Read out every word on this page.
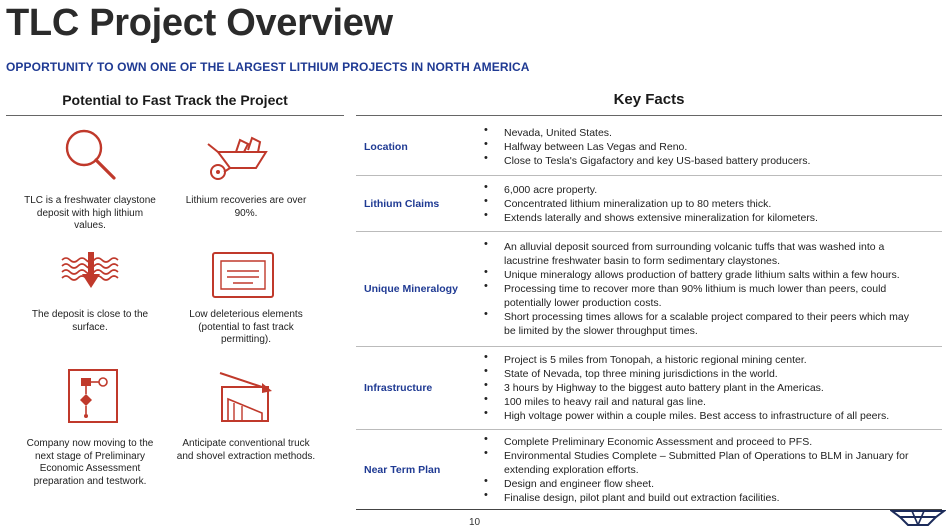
TLC Project Overview
OPPORTUNITY TO OWN ONE OF THE LARGEST LITHIUM PROJECTS IN NORTH AMERICA
Potential to Fast Track the Project	Key Facts
TLC is a freshwater claystone deposit with high lithium values.
Lithium recoveries are over 90%.
The deposit is close to the surface.
Low deleterious elements (potential to fast track permitting).
Company now moving to the next stage of Preliminary Economic Assessment preparation and testwork.
Anticipate conventional truck and shovel extraction methods.
Location
• Nevada, United States.
• Halfway between Las Vegas and Reno.
• Close to Tesla's Gigafactory and key US-based battery producers.
Lithium Claims
• 6,000 acre property.
• Concentrated lithium mineralization up to 80 meters thick.
• Extends laterally and shows extensive mineralization for kilometers.
Unique Mineralogy
• An alluvial deposit sourced from surrounding volcanic tuffs that was washed into a lacustrine freshwater basin to form sedimentary claystones.
• Unique mineralogy allows production of battery grade lithium salts within a few hours.
• Processing time to recover more than 90% lithium is much lower than peers, could potentially lower production costs.
• Short processing times allows for a scalable project compared to their peers which may be limited by the slower throughput times.
Infrastructure
• Project is 5 miles from Tonopah, a historic regional mining center.
• State of Nevada, top three mining jurisdictions in the world.
• 3 hours by Highway to the biggest auto battery plant in the Americas.
• 100 miles to heavy rail and natural gas line.
• High voltage power within a couple miles. Best access to infrastructure of all peers.
Near Term Plan
• Complete Preliminary Economic Assessment and proceed to PFS.
• Environmental Studies Complete – Submitted Plan of Operations to BLM in January for extending exploration efforts.
• Design and engineer flow sheet.
• Finalise design, pilot plant and build out extraction facilities.
10
